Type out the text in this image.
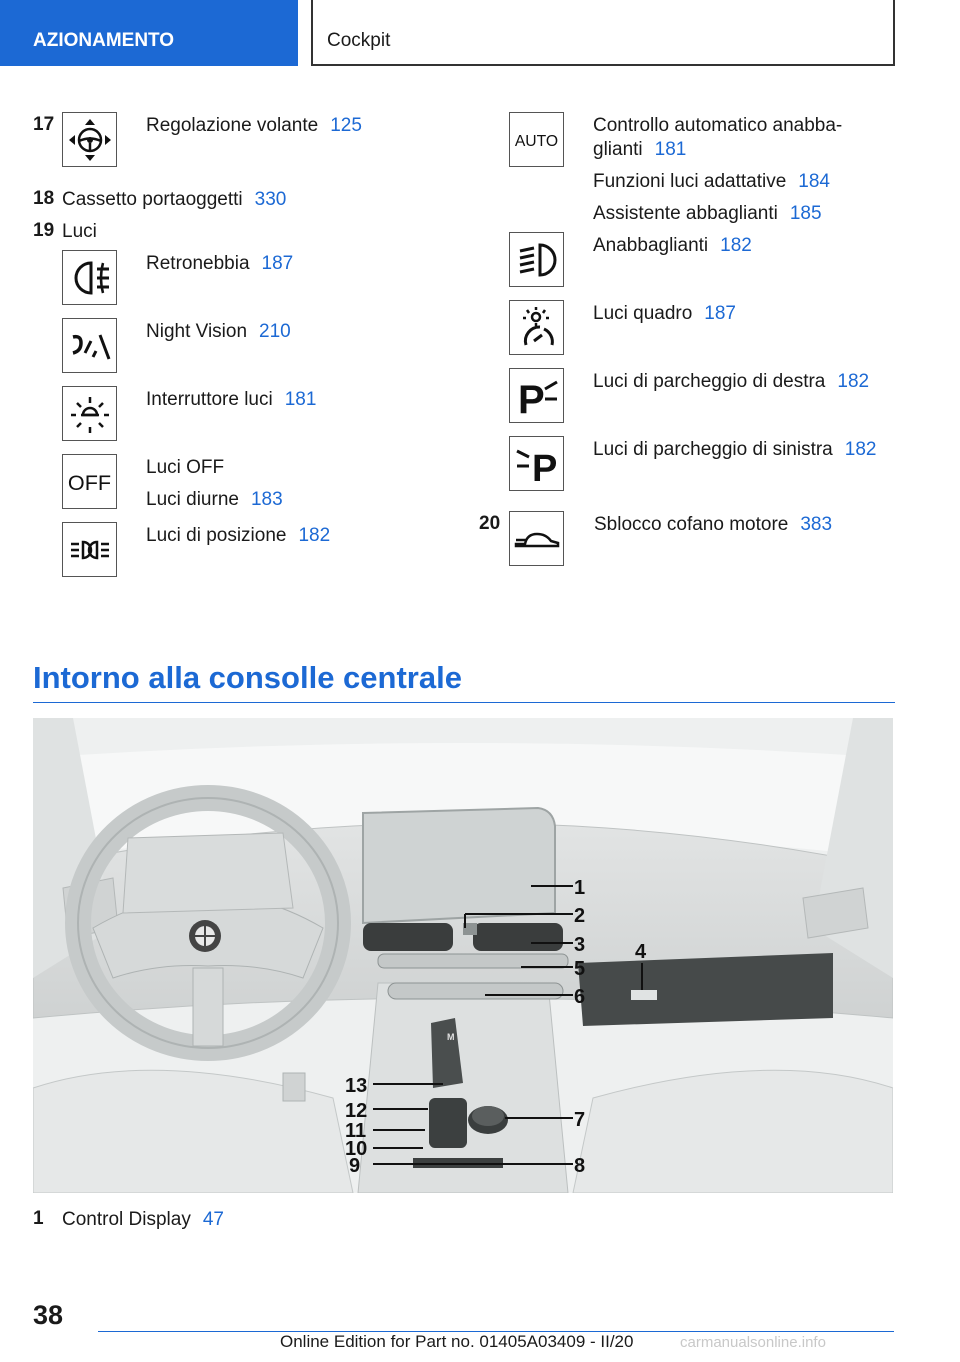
AZIONAMENTO	Cockpit
17	Regolazione volante 125
18 Cassetto portaoggetti 330
19 Luci
Retronebbia 187
Night Vision 210
Interruttore luci 181
OFF
Luci OFF
Luci diurne 183
Luci di posizione 182
AUTO
Controllo automatico anabba-
glianti 181
Funzioni luci adattative 184
Assistente abbaglianti 185
Anabbaglianti 182
Luci quadro 187
P	Luci di parcheggio di destra 182
P Luci di parcheggio di sinistra 182
20	Sblocco cofano motore 383
Intorno alla consolle centrale
M
1
2
3 4
5
6
7
8
9
10
11
12
13
1 Control Display 47
38
Online Edition for Part no. 01405A03409 - II/20	carmanualsonline.info
